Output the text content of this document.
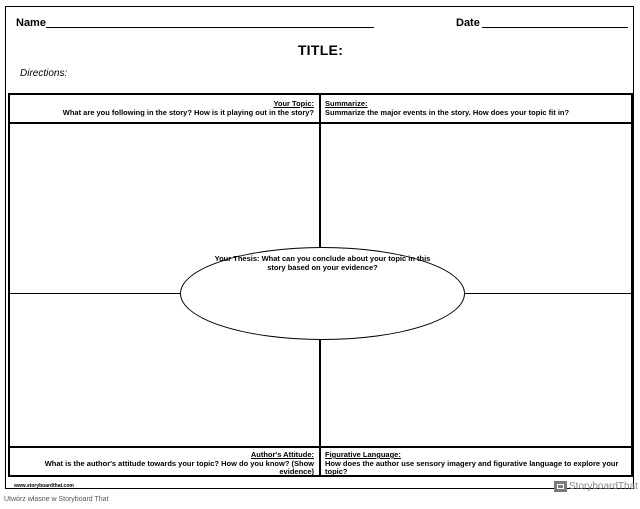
Name	Date
TITLE:
Directions:
Your Topic:
What are you following in the story? How is it playing out in the story?
Summarize:
Summarize the major events in the story. How does your topic fit in?
Author's Attitude:
What is the author's attitude towards your topic? How do you know? (Show evidence)
Figurative Language:
How does the author use sensory imagery and figurative language to explore your topic?
Your Thesis: What can you conclude about your topic in this story based on your evidence?
www.storyboardthat.com	StoryboardThat
Utwórz własne w Storyboard That
